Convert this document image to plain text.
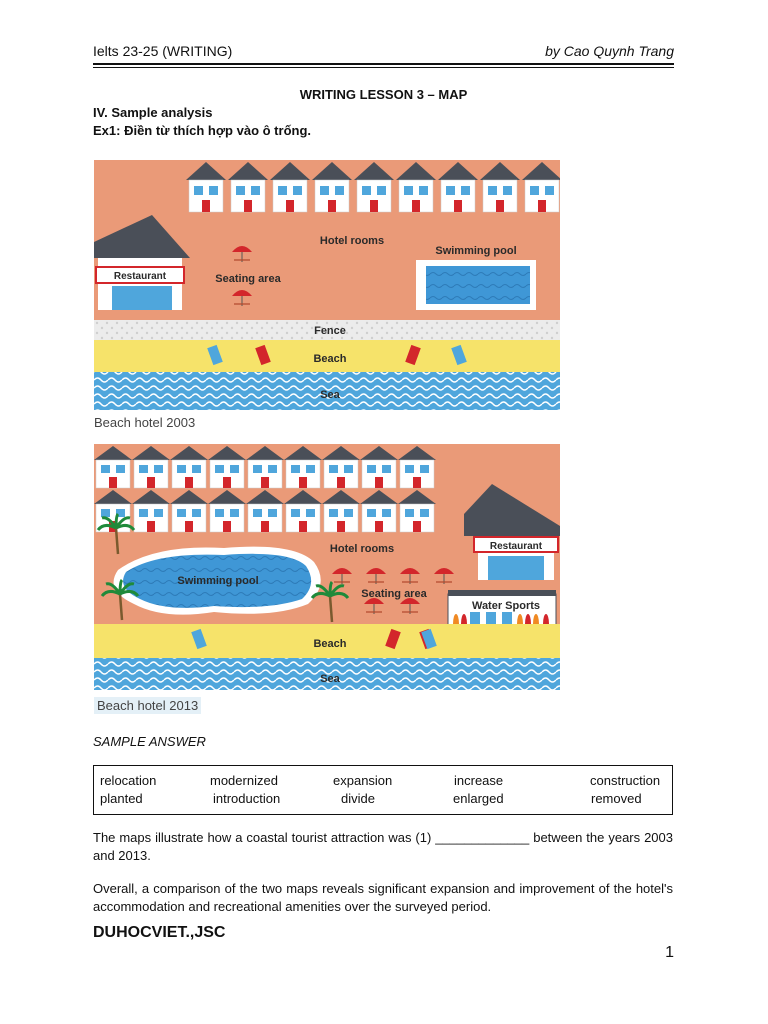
Ielts 23-25 (WRITING)	by Cao Quynh Trang
WRITING LESSON 3 – MAP
IV. Sample analysis
Ex1: Điền từ thích hợp vào ô trống.
Hotel rooms
Restaurant	Seating area
Swimming pool
Fence
Beach
Sea
Beach hotel 2003
Hotel rooms	Restaurant
Swimming pool
Seating area
Water Sports
Beach
Sea
Beach hotel 2013
SAMPLE ANSWER
relocation	modernized	expansion	increase	construction
planted	introduction	divide	enlarged	removed
The maps illustrate how a coastal tourist attraction was (1) _____________ between the years 2003 and 2013.
Overall, a comparison of the two maps reveals significant expansion and improvement of the hotel's accommodation and recreational amenities over the surveyed period.
DUHOCVIET.,JSC
1
